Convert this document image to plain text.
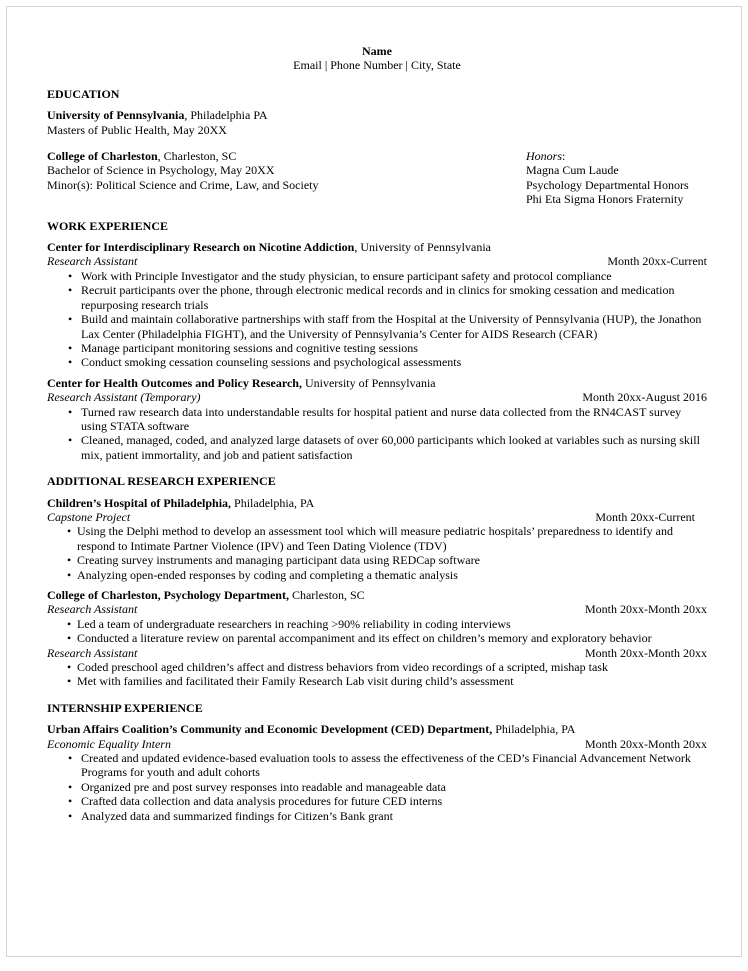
Name
Email | Phone Number | City, State
EDUCATION
University of Pennsylvania, Philadelphia PA
Masters of Public Health, May 20XX
College of Charleston, Charleston, SC
Bachelor of Science in Psychology, May 20XX
Minor(s): Political Science and Crime, Law, and Society
Honors:
Magna Cum Laude
Psychology Departmental Honors
Phi Eta Sigma Honors Fraternity
WORK EXPERIENCE
Center for Interdisciplinary Research on Nicotine Addiction, University of Pennsylvania
Research Assistant	Month 20xx-Current
• Work with Principle Investigator and the study physician, to ensure participant safety and protocol compliance
• Recruit participants over the phone, through electronic medical records and in clinics for smoking cessation and medication repurposing research trials
• Build and maintain collaborative partnerships with staff from the Hospital at the University of Pennsylvania (HUP), the Jonathon Lax Center (Philadelphia FIGHT), and the University of Pennsylvania’s Center for AIDS Research (CFAR)
• Manage participant monitoring sessions and cognitive testing sessions
• Conduct smoking cessation counseling sessions and psychological assessments
Center for Health Outcomes and Policy Research, University of Pennsylvania
Research Assistant (Temporary)	Month 20xx-August 2016
• Turned raw research data into understandable results for hospital patient and nurse data collected from the RN4CAST survey using STATA software
• Cleaned, managed, coded, and analyzed large datasets of over 60,000 participants which looked at variables such as nursing skill mix, patient immortality, and job and patient satisfaction
ADDITIONAL RESEARCH EXPERIENCE
Children’s Hospital of Philadelphia, Philadelphia, PA
Capstone Project	Month 20xx-Current
• Using the Delphi method to develop an assessment tool which will measure pediatric hospitals’ preparedness to identify and respond to Intimate Partner Violence (IPV) and Teen Dating Violence (TDV)
• Creating survey instruments and managing participant data using REDCap software
• Analyzing open-ended responses by coding and completing a thematic analysis
College of Charleston, Psychology Department, Charleston, SC
Research Assistant	Month 20xx-Month 20xx
• Led a team of undergraduate researchers in reaching >90% reliability in coding interviews
• Conducted a literature review on parental accompaniment and its effect on children’s memory and exploratory behavior
Research Assistant	Month 20xx-Month 20xx
• Coded preschool aged children’s affect and distress behaviors from video recordings of a scripted, mishap task
• Met with families and facilitated their Family Research Lab visit during child’s assessment
INTERNSHIP EXPERIENCE
Urban Affairs Coalition’s Community and Economic Development (CED) Department, Philadelphia, PA
Economic Equality Intern	Month 20xx-Month 20xx
• Created and updated evidence-based evaluation tools to assess the effectiveness of the CED’s Financial Advancement Network Programs for youth and adult cohorts
• Organized pre and post survey responses into readable and manageable data
• Crafted data collection and data analysis procedures for future CED interns
• Analyzed data and summarized findings for Citizen’s Bank grant
